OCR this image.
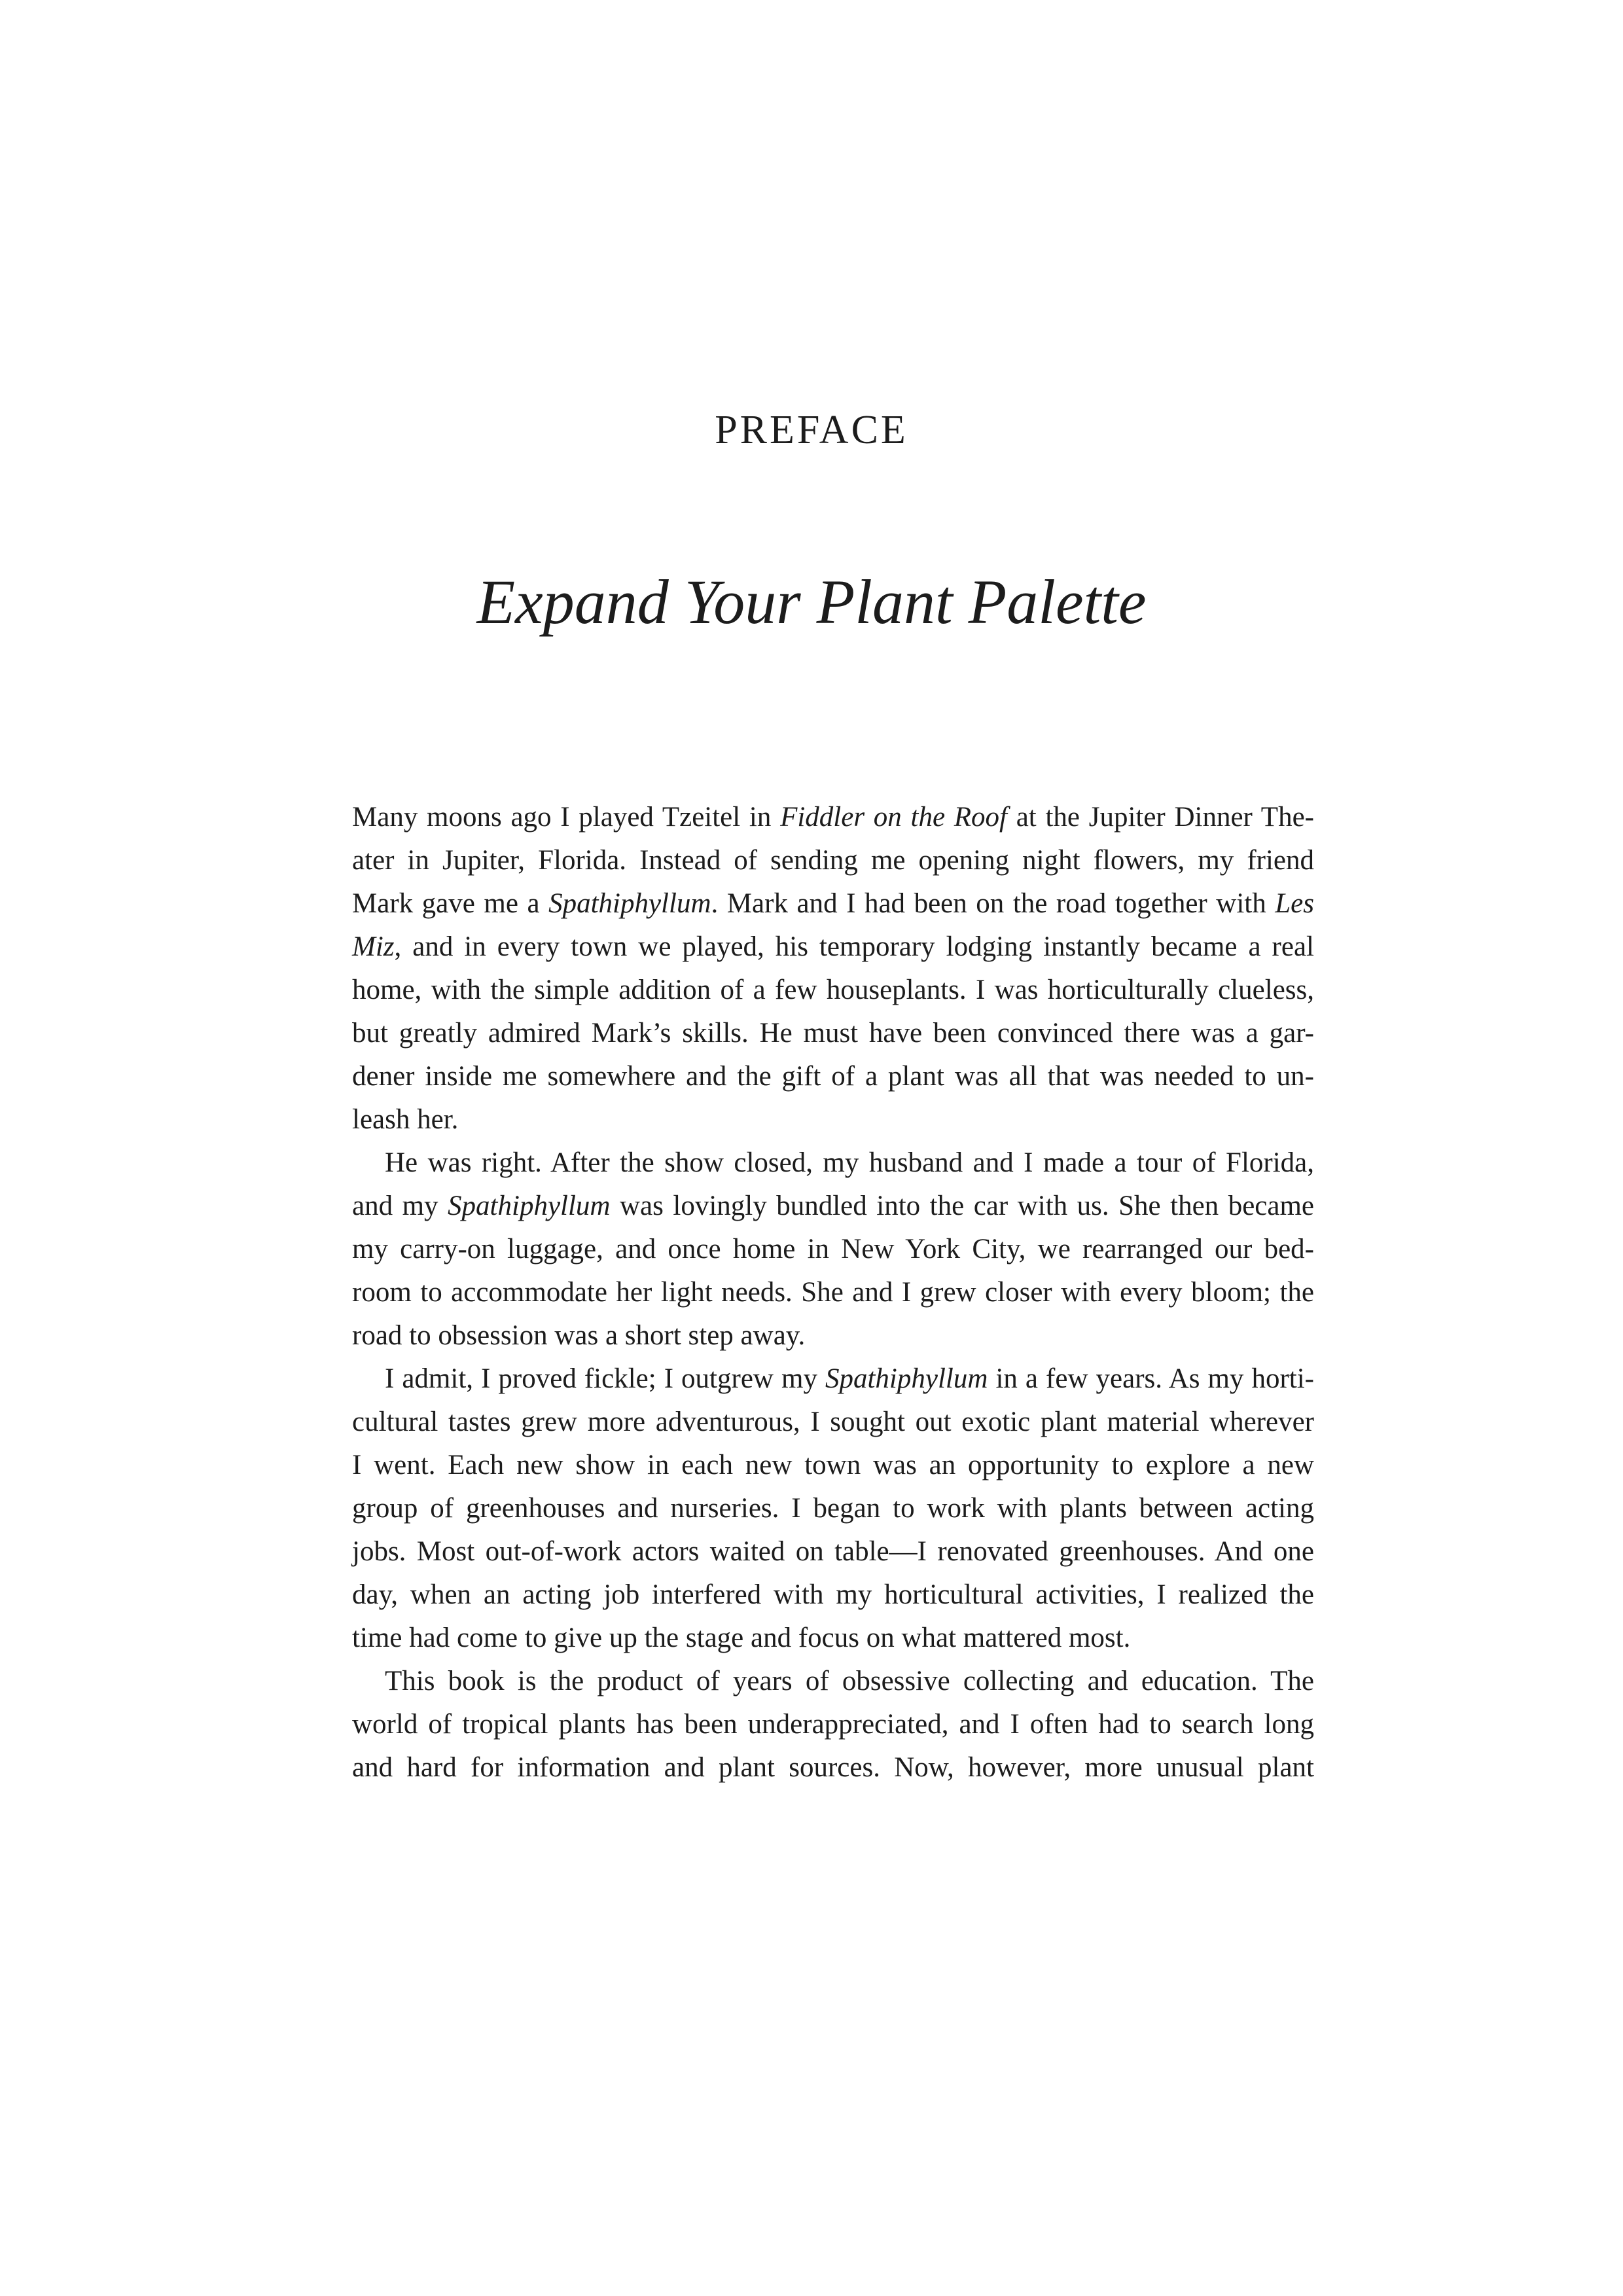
PREFACE
Expand Your Plant Palette
Many moons ago I played Tzeitel in Fiddler on the Roof at the Jupiter Dinner The-
ater in Jupiter, Florida. Instead of sending me opening night flowers, my friend
Mark gave me a Spathiphyllum. Mark and I had been on the road together with Les
Miz, and in every town we played, his temporary lodging instantly became a real
home, with the simple addition of a few houseplants. I was horticulturally clueless,
but greatly admired Mark’s skills. He must have been convinced there was a gar-
dener inside me somewhere and the gift of a plant was all that was needed to un-
leash her.
He was right. After the show closed, my husband and I made a tour of Florida,
and my Spathiphyllum was lovingly bundled into the car with us. She then became
my carry-on luggage, and once home in New York City, we rearranged our bed-
room to accommodate her light needs. She and I grew closer with every bloom; the
road to obsession was a short step away.
I admit, I proved fickle; I outgrew my Spathiphyllum in a few years. As my horti-
cultural tastes grew more adventurous, I sought out exotic plant material wherever
I went. Each new show in each new town was an opportunity to explore a new
group of greenhouses and nurseries. I began to work with plants between acting
jobs. Most out-of-work actors waited on table—I renovated greenhouses. And one
day, when an acting job interfered with my horticultural activities, I realized the
time had come to give up the stage and focus on what mattered most.
This book is the product of years of obsessive collecting and education. The
world of tropical plants has been underappreciated, and I often had to search long
and hard for information and plant sources. Now, however, more unusual plant
